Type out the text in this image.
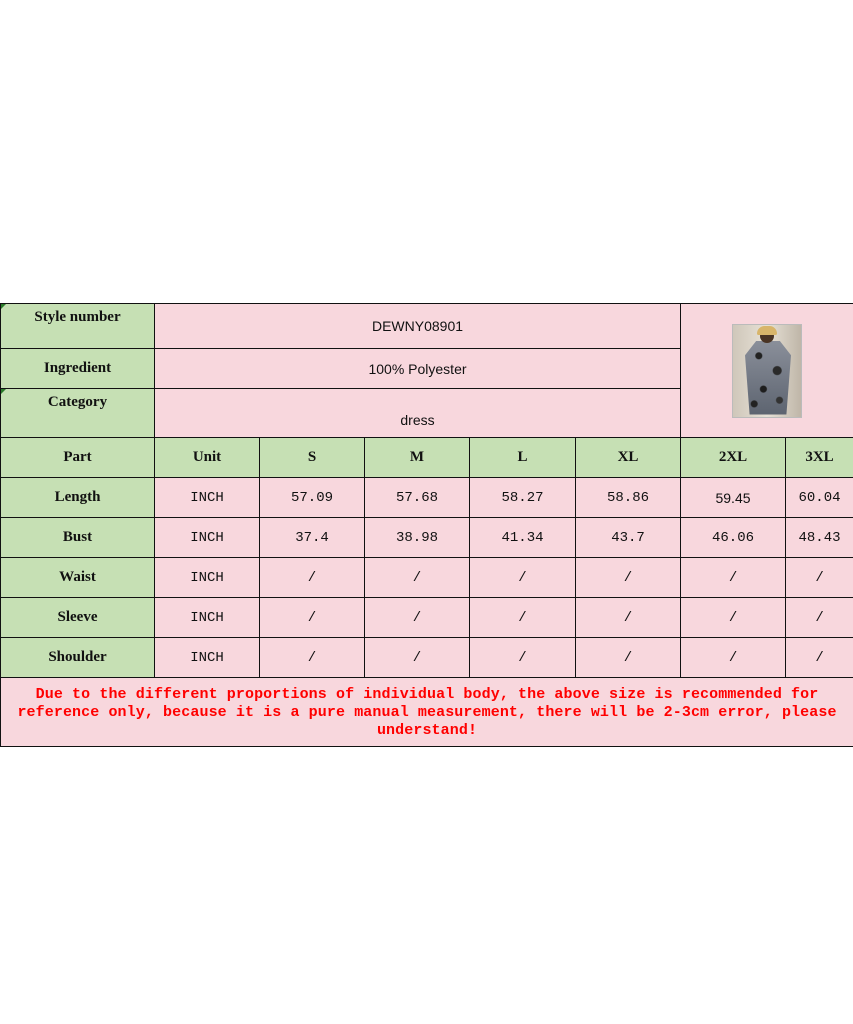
Style number	DEWNY08901						

Ingredient	100% Polyester						

Category	dress						
Part	Unit	S	M	L	XL	2XL	3XL
Length	INCH	57.09	57.68	58.27	58.86	59.45	60.04
Bust	INCH	37.4	38.98	41.34	43.7	46.06	48.43
Waist	INCH	/	/	/	/	/	/
Sleeve	INCH	/	/	/	/	/	/
Shoulder	INCH	/	/	/	/	/	/
Due to the different proportions of individual body, the above size is recommended for reference only, because it is a pure manual measurement, there will be 2-3cm error, please understand!							
